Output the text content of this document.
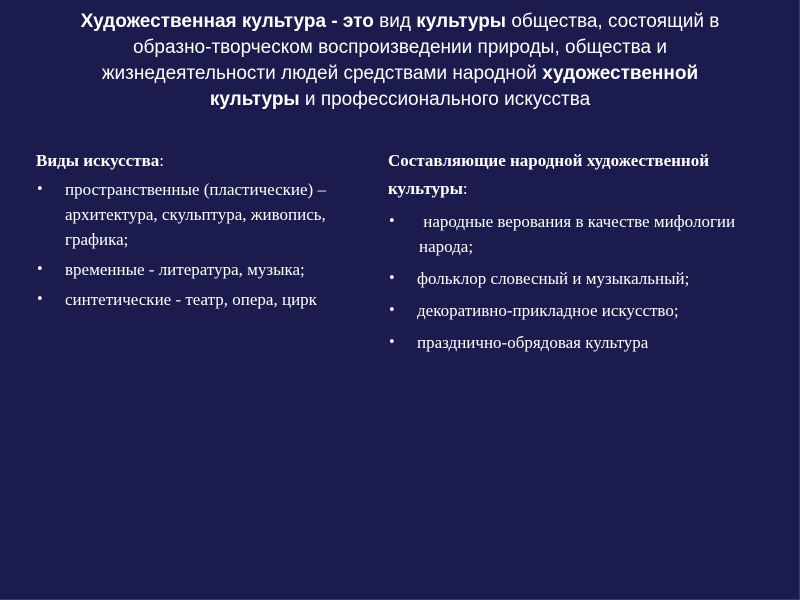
Художественная культура - это вид культуры общества, состоящий в образно-творческом воспроизведении природы, общества и жизнедеятельности людей средствами народной художественной культуры и профессионального искусства

Виды искусства:

• пространственные (пластические) –архитектура, скульптура, живопись, графика;
• временные - литература, музыка;
• синтетические - театр, опера, цирк

Составляющие народной художественной культуры:

• народные верования в качестве мифологии народа;
• фольклор словесный и музыкальный;
• декоративно-прикладное искусство;
• празднично-обрядовая культура
